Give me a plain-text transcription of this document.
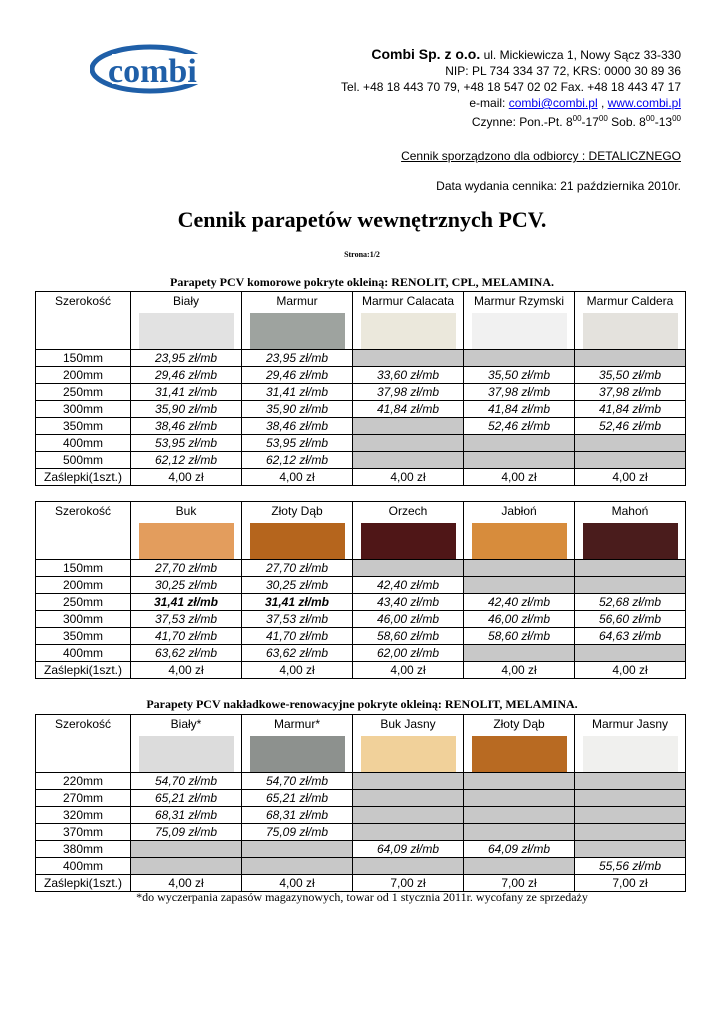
combi	Combi Sp. z o.o. ul. Mickiewicza 1, Nowy Sącz 33-330
NIP: PL 734 334 37 72, KRS: 0000 30 89 36
Tel. +48 18 443 70 79, +48 18 547 02 02 Fax. +48 18 443 47 17
e-mail: combi@combi.pl , www.combi.pl
Czynne: Pon.-Pt. $8^{00}-17^{00}$ Sob. $8^{00}-13^{00}$
Cennik sporządzono dla odbiorcy : DETALICZNEGO
Data wydania cennika: 21 października 2010r.
Cennik parapetów wewnętrznych PCV.
Strona:1/2
Parapety PCV komorowe pokryte okleiną: RENOLIT, CPL, MELAMINA.
Szerokość	Biały	Marmur	Marmur Calacata	Marmur Rzymski	Marmur Caldera

150mm	23,95 zł/mb	23,95 zł/mb			
200mm	29,46 zł/mb	29,46 zł/mb	33,60 zł/mb	35,50 zł/mb	35,50 zł/mb
250mm	31,41 zł/mb	31,41 zł/mb	37,98 zł/mb	37,98 zł/mb	37,98 zł/mb
300mm	35,90 zł/mb	35,90 zł/mb	41,84 zł/mb	41,84 zł/mb	41,84 zł/mb
350mm	38,46 zł/mb	38,46 zł/mb		52,46 zł/mb	52,46 zł/mb
400mm	53,95 zł/mb	53,95 zł/mb			
500mm	62,12 zł/mb	62,12 zł/mb			
Zaślepki(1szt.)	4,00 zł	4,00 zł	4,00 zł	4,00 zł	4,00 zł
Szerokość	Buk	Złoty Dąb	Orzech	Jabłoń	Mahoń

150mm	27,70 zł/mb	27,70 zł/mb			
200mm	30,25 zł/mb	30,25 zł/mb	42,40 zł/mb		
250mm	31,41 zł/mb	31,41 zł/mb	43,40 zł/mb	42,40 zł/mb	52,68 zł/mb
300mm	37,53 zł/mb	37,53 zł/mb	46,00 zł/mb	46,00 zł/mb	56,60 zł/mb
350mm	41,70 zł/mb	41,70 zł/mb	58,60 zł/mb	58,60 zł/mb	64,63 zł/mb
400mm	63,62 zł/mb	63,62 zł/mb	62,00 zł/mb		
Zaślepki(1szt.)	4,00 zł	4,00 zł	4,00 zł	4,00 zł	4,00 zł
Parapety PCV nakładkowe-renowacyjne pokryte okleiną: RENOLIT, MELAMINA.
Szerokość	Biały*	Marmur*	Buk Jasny	Złoty Dąb	Marmur Jasny

220mm	54,70 zł/mb	54,70 zł/mb			
270mm	65,21 zł/mb	65,21 zł/mb			
320mm	68,31 zł/mb	68,31 zł/mb			
370mm	75,09 zł/mb	75,09 zł/mb			
380mm			64,09 zł/mb	64,09 zł/mb	
400mm					55,56 zł/mb
Zaślepki(1szt.)	4,00 zł	4,00 zł	7,00 zł	7,00 zł	7,00 zł
*do wyczerpania zapasów magazynowych, towar od 1 stycznia 2011r. wycofany ze sprzedaży
